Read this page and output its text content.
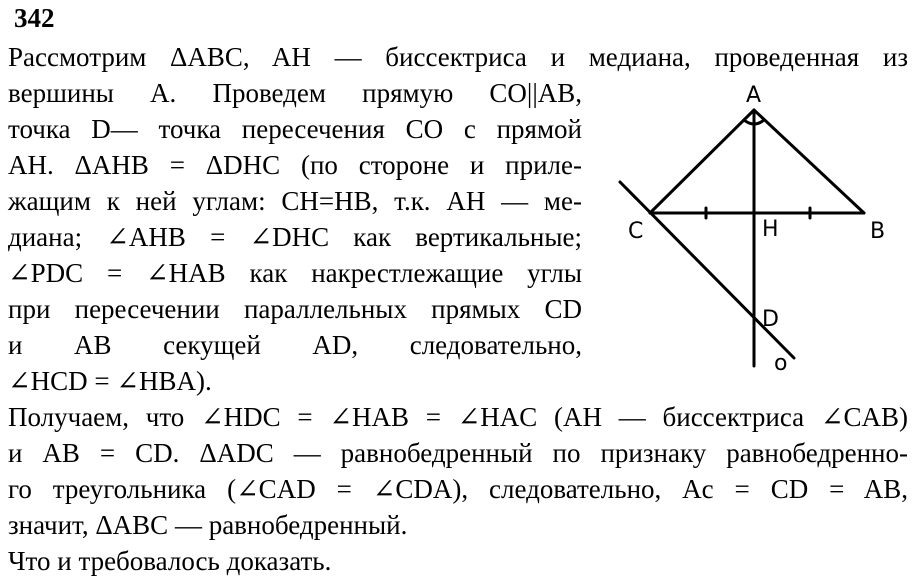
342
Рассмотрим ΔABC, AH — биссектриса и медиана, проведенная из
вершины A. Проведем прямую CO||AB,
точка D— точка пересечения CO с прямой
AH. ΔAHB = ΔDHC (по стороне и приле-
жащим к ней углам: CH=HB, т.к. AH — ме-
диана; ∠AHB = ∠DHC как вертикальные;
∠PDC = ∠HAB как накрестлежащие углы
при пересечении параллельных прямых CD
и AB секущей AD, следовательно,
∠HCD = ∠HBA).
Получаем, что ∠HDC = ∠HAB = ∠HAC (AH — биссектриса ∠CAB)
и AB = CD. ΔADC — равнобедренный по признаку равнобедренно-
го треугольника (∠CAD = ∠CDA), следовательно, Ac = CD = AB,
значит, ΔABC — равнобедренный.
Что и требовалось доказать.
A
B
C	H
D
o
